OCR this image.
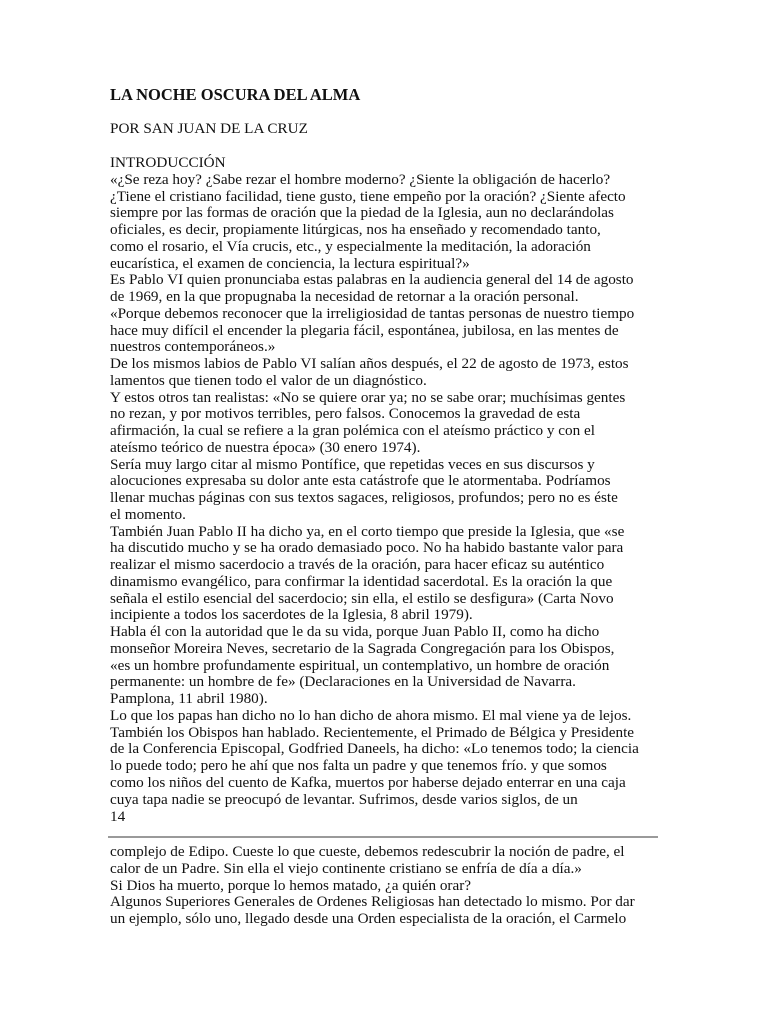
LA NOCHE OSCURA DEL ALMA
POR SAN JUAN DE LA CRUZ
INTRODUCCIÓN
«¿Se reza hoy? ¿Sabe rezar el hombre moderno? ¿Siente la obligación de hacerlo?
¿Tiene el cristiano facilidad, tiene gusto, tiene empeño por la oración? ¿Siente afecto
siempre por las formas de oración que la piedad de la Iglesia, aun no declarándolas
oficiales, es decir, propiamente litúrgicas, nos ha enseñado y recomendado tanto,
como el rosario, el Vía crucis, etc., y especialmente la meditación, la adoración
eucarística, el examen de conciencia, la lectura espiritual?»
Es Pablo VI quien pronunciaba estas palabras en la audiencia general del 14 de agosto
de 1969, en la que propugnaba la necesidad de retornar a la oración personal.
«Porque debemos reconocer que la irreligiosidad de tantas personas de nuestro tiempo
hace muy difícil el encender la plegaria fácil, espontánea, jubilosa, en las mentes de
nuestros contemporáneos.»
De los mismos labios de Pablo VI salían años después, el 22 de agosto de 1973, estos
lamentos que tienen todo el valor de un diagnóstico.
Y estos otros tan realistas: «No se quiere orar ya; no se sabe orar; muchísimas gentes
no rezan, y por motivos terribles, pero falsos. Conocemos la gravedad de esta
afirmación, la cual se refiere a la gran polémica con el ateísmo práctico y con el
ateísmo teórico de nuestra época» (30 enero 1974).
Sería muy largo citar al mismo Pontífice, que repetidas veces en sus discursos y
alocuciones expresaba su dolor ante esta catástrofe que le atormentaba. Podríamos
llenar muchas páginas con sus textos sagaces, religiosos, profundos; pero no es éste
el momento.
También Juan Pablo II ha dicho ya, en el corto tiempo que preside la Iglesia, que «se
ha discutido mucho y se ha orado demasiado poco. No ha habido bastante valor para
realizar el mismo sacerdocio a través de la oración, para hacer eficaz su auténtico
dinamismo evangélico, para confirmar la identidad sacerdotal. Es la oración la que
señala el estilo esencial del sacerdocio; sin ella, el estilo se desfigura» (Carta Novo
incipiente a todos los sacerdotes de la Iglesia, 8 abril 1979).
Habla él con la autoridad que le da su vida, porque Juan Pablo II, como ha dicho
monseñor Moreira Neves, secretario de la Sagrada Congregación para los Obispos,
«es un hombre profundamente espiritual, un contemplativo, un hombre de oración
permanente: un hombre de fe» (Declaraciones en la Universidad de Navarra.
Pamplona, 11 abril 1980).
Lo que los papas han dicho no lo han dicho de ahora mismo. El mal viene ya de lejos.
También los Obispos han hablado. Recientemente, el Primado de Bélgica y Presidente
de la Conferencia Episcopal, Godfried Daneels, ha dicho: «Lo tenemos todo; la ciencia
lo puede todo; pero he ahí que nos falta un padre y que tenemos frío. y que somos
como los niños del cuento de Kafka, muertos por haberse dejado enterrar en una caja
cuya tapa nadie se preocupó de levantar. Sufrimos, desde varios siglos, de un
14
complejo de Edipo. Cueste lo que cueste, debemos redescubrir la noción de padre, el
calor de un Padre. Sin ella el viejo continente cristiano se enfría de día a día.»
Si Dios ha muerto, porque lo hemos matado, ¿a quién orar?
Algunos Superiores Generales de Ordenes Religiosas han detectado lo mismo. Por dar
un ejemplo, sólo uno, llegado desde una Orden especialista de la oración, el Carmelo
